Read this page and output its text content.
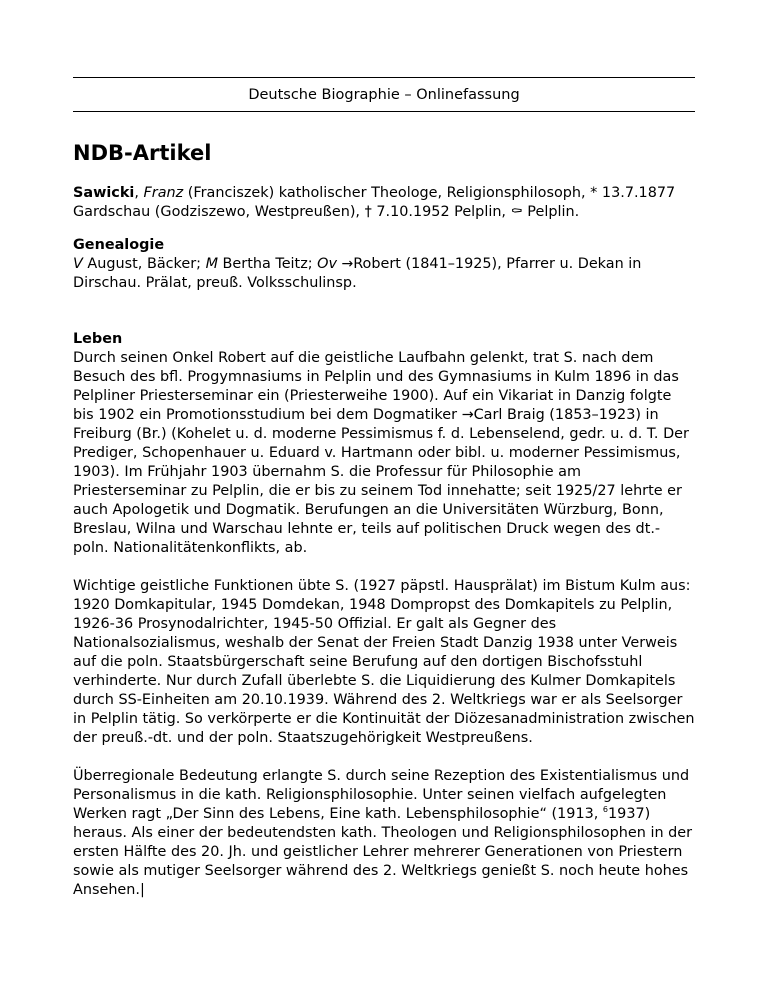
Deutsche Biographie – Onlinefassung
NDB-Artikel

Sawicki, Franz (Franciszek) katholischer Theologe, Religionsphilosoph, * 13.7.1877 Gardschau (Godziszewo, Westpreußen), † 7.10.1952 Pelplin, ⚰ Pelplin.

Genealogie

V August, Bäcker; M Bertha Teitz; Ov →Robert (1841–1925), Pfarrer u. Dekan in Dirschau. Prälat, preuß. Volksschulinsp.

Leben

Durch seinen Onkel Robert auf die geistliche Laufbahn gelenkt, trat S. nach dem Besuch des bfl. Progymnasiums in Pelplin und des Gymnasiums in Kulm 1896 in das Pelpliner Priesterseminar ein (Priesterweihe 1900). Auf ein Vikariat in Danzig folgte bis 1902 ein Promotionsstudium bei dem Dogmatiker →Carl Braig (1853–1923) in Freiburg (Br.) (Kohelet u. d. moderne Pessimismus f. d. Lebenselend, gedr. u. d. T. Der Prediger, Schopenhauer u. Eduard v. Hartmann oder bibl. u. moderner Pessimismus, 1903). Im Frühjahr 1903 übernahm S. die Professur für Philosophie am Priesterseminar zu Pelplin, die er bis zu seinem Tod innehatte; seit 1925/27 lehrte er auch Apologetik und Dogmatik. Berufungen an die Universitäten Würzburg, Bonn, Breslau, Wilna und Warschau lehnte er, teils auf politischen Druck wegen des dt.-poln. Nationalitätenkonflikts, ab.

Wichtige geistliche Funktionen übte S. (1927 päpstl. Hausprälat) im Bistum Kulm aus: 1920 Domkapitular, 1945 Domdekan, 1948 Dompropst des Domkapitels zu Pelplin, 1926-36 Prosynodalrichter, 1945-50 Offizial. Er galt als Gegner des Nationalsozialismus, weshalb der Senat der Freien Stadt Danzig 1938 unter Verweis auf die poln. Staatsbürgerschaft seine Berufung auf den dortigen Bischofsstuhl verhinderte. Nur durch Zufall überlebte S. die Liquidierung des Kulmer Domkapitels durch SS-Einheiten am 20.10.1939. Während des 2. Weltkriegs war er als Seelsorger in Pelplin tätig. So verkörperte er die Kontinuität der Diözesanadministration zwischen der preuß.-dt. und der poln. Staatszugehörigkeit Westpreußens.

Überregionale Bedeutung erlangte S. durch seine Rezeption des Existentialismus und Personalismus in die kath. Religionsphilosophie. Unter seinen vielfach aufgelegten Werken ragt „Der Sinn des Lebens, Eine kath. Lebensphilosophie“ (1913, $^6$1937) heraus. Als einer der bedeutendsten kath. Theologen und Religionsphilosophen in der ersten Hälfte des 20. Jh. und geistlicher Lehrer mehrerer Generationen von Priestern sowie als mutiger Seelsorger während des 2. Weltkriegs genießt S. noch heute hohes Ansehen.|
